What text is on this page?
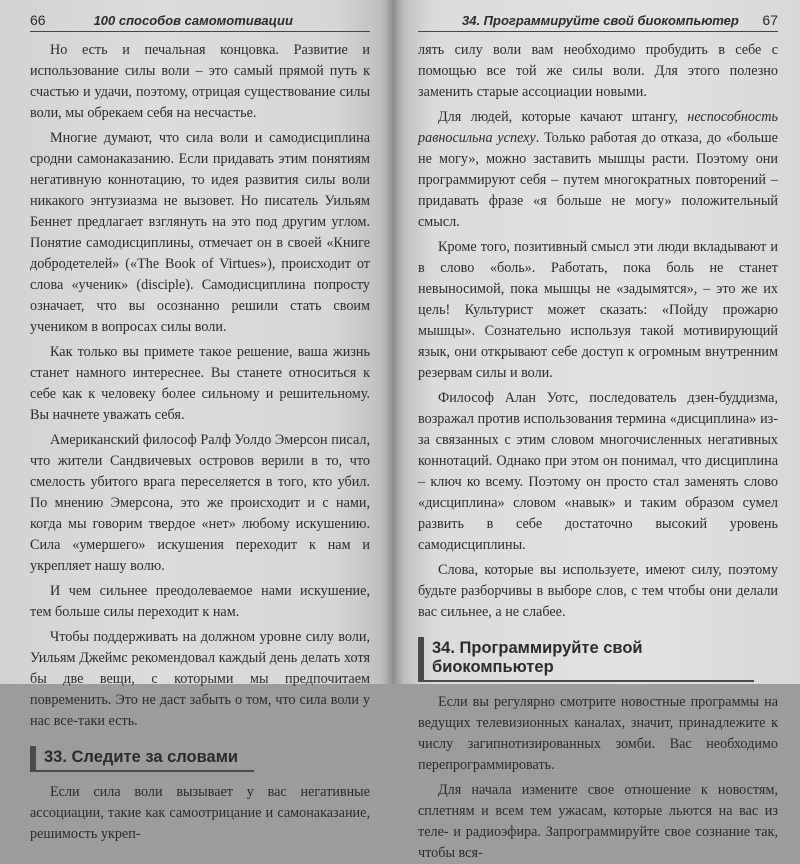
66	100 способов самомотивации

Но есть и печальная концовка. Развитие и использование силы воли – это самый прямой путь к счастью и удачи, поэтому, отрицая существование силы воли, мы обрекаем себя на несчастье.

Многие думают, что сила воли и самодисциплина сродни самонаказанию. Если придавать этим понятиям негативную коннотацию, то идея развития силы воли никакого энтузиазма не вызовет. Но писатель Уильям Беннет предлагает взглянуть на это под другим углом. Понятие самодисциплины, отмечает он в своей «Книге добродетелей» («The Book of Virtues»), происходит от слова «ученик» (disciple). Самодисциплина попросту означает, что вы осознанно решили стать своим учеником в вопросах силы воли.

Как только вы примете такое решение, ваша жизнь станет намного интереснее. Вы станете относиться к себе как к человеку более сильному и решительному. Вы начнете уважать себя.

Американский философ Ралф Уолдо Эмерсон писал, что жители Сандвичевых островов верили в то, что смелость убитого врага переселяется в того, кто убил. По мнению Эмерсона, это же происходит и с нами, когда мы говорим твердое «нет» любому искушению. Сила «умершего» искушения переходит к нам и укрепляет нашу волю.

И чем сильнее преодолеваемое нами искушение, тем больше силы переходит к нам.

Чтобы поддерживать на должном уровне силу воли, Уильям Джеймс рекомендовал каждый день делать хотя бы две вещи, с которыми мы предпочитаем повременить. Это не даст забыть о том, что сила воли у нас все-таки есть.

33. Следите за словами

Если сила воли вызывает у вас негативные ассоциации, такие как самоотрицание и самонаказание, решимость укреп-

34. Программируйте свой биокомпьютер 67

лять силу воли вам необходимо пробудить в себе с помощью все той же силы воли. Для этого полезно заменить старые ассоциации новыми.

Для людей, которые качают штангу, неспособность равносильна успеху. Только работая до отказа, до «больше не могу», можно заставить мышцы расти. Поэтому они программируют себя – путем многократных повторений – придавать фразе «я больше не могу» положительный смысл.

Кроме того, позитивный смысл эти люди вкладывают и в слово «боль». Работать, пока боль не станет невыносимой, пока мышцы не «задымятся», – это же их цель! Культурист может сказать: «Пойду прожарю мышцы». Сознательно используя такой мотивирующий язык, они открывают себе доступ к огромным внутренним резервам силы и воли.

Философ Алан Уотс, последователь дзен-буддизма, возражал против использования термина «дисциплина» из-за связанных с этим словом многочисленных негативных коннотаций. Однако при этом он понимал, что дисциплина – ключ ко всему. Поэтому он просто стал заменять слово «дисциплина» словом «навык» и таким образом сумел развить в себе достаточно высокий уровень самодисциплины.

Слова, которые вы используете, имеют силу, поэтому будьте разборчивы в выборе слов, с тем чтобы они делали вас сильнее, а не слабее.

34. Программируйте свой биокомпьютер

Если вы регулярно смотрите новостные программы на ведущих телевизионных каналах, значит, принадлежите к числу загипнотизированных зомби. Вас необходимо перепрограммировать.

Для начала измените свое отношение к новостям, сплетням и всем тем ужасам, которые льются на вас из теле- и радиоэфира. Запрограммируйте свое сознание так, чтобы вся-
